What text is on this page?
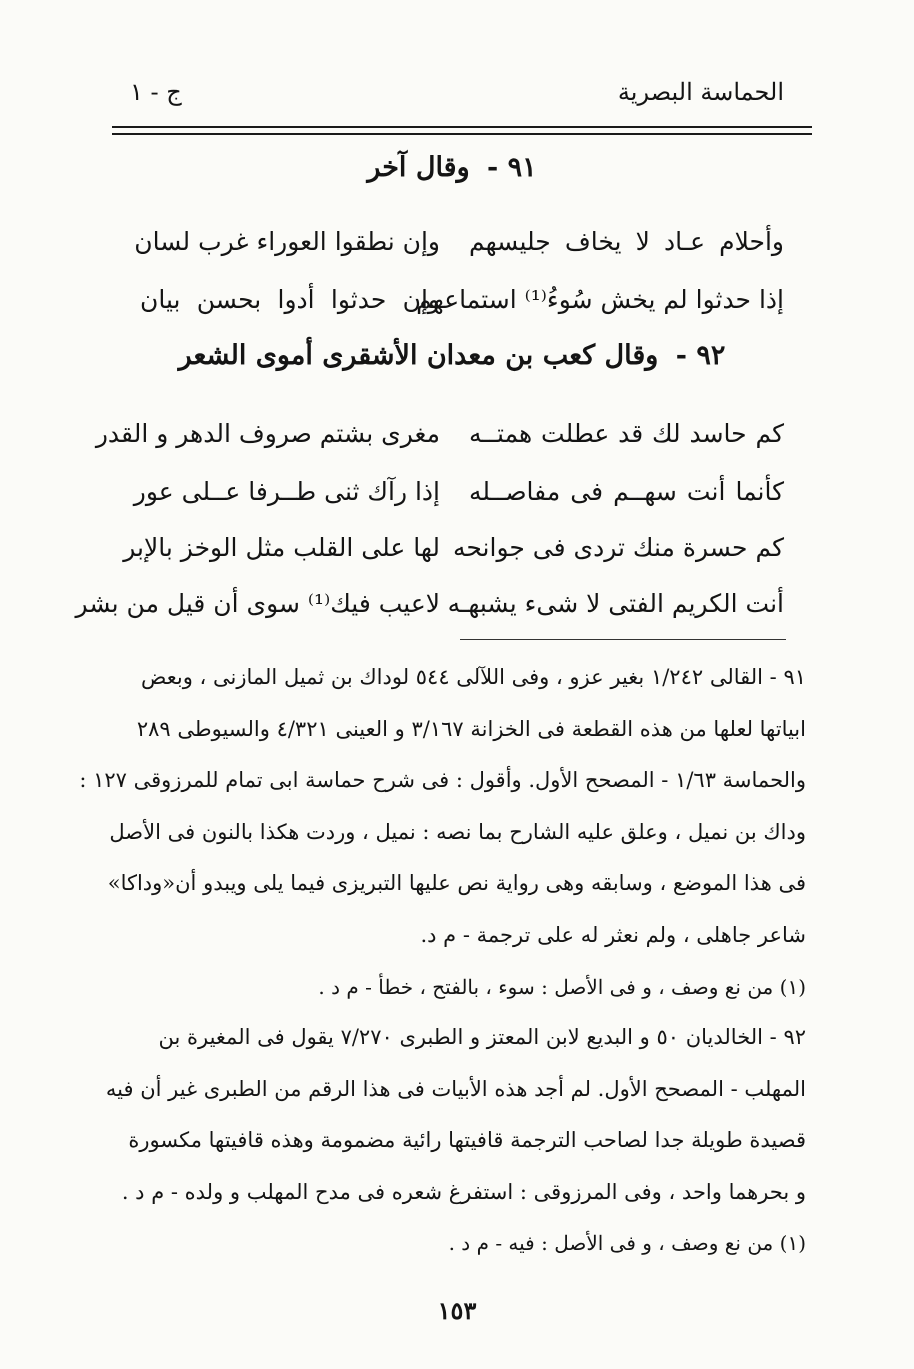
الحماسة البصرية
ج - ١
٩١ - وقال آخر
وأحلام عـاد لا يخاف جليسهم
وإن نطقوا العوراء غرب لسان
إذا حدثوا لم يخش سُوءُ⁽¹⁾ استماعهم
وإن حدثوا أدوا بحسن بيان
٩٢ - وقال كعب بن معدان الأشقرى أموى الشعر
كم حاسد لك قد عطلت همتــه
مغرى بشتم صروف الدهر و القدر
كأنما أنت سهــم فى مفاصــله
إذا رآك ثنى طــرفا عــلى عور
كم حسرة منك تردى فى جوانحه
لها على القلب مثل الوخز بالإبر
أنت الكريم الفتى لا شىء يشبهـه
لاعيب فيك⁽¹⁾ سوى أن قيل من بشر
٩١ - القالى ١/٢٤٢ بغير عزو ، وفى اللآلى ٥٤٤ لوداك بن ثميل المازنى ، وبعض
ابياتها لعلها من هذه القطعة فى الخزانة ٣/١٦٧ و العينى ٤/٣٢١ والسيوطى ٢٨٩
والحماسة ١/٦٣ - المصحح الأول. وأقول : فى شرح حماسة ابى تمام للمرزوقى ١٢٧ :
وداك بن نميل ، وعلق عليه الشارح بما نصه : نميل ، وردت هكذا بالنون فى الأصل
فى هذا الموضع ، وسابقه وهى رواية نص عليها التبريزى فيما يلى ويبدو أن«وداكا»
شاعر جاهلى ، ولم نعثر له على ترجمة - م د.
(١) من نع وصف ، و فى الأصل : سوء ، بالفتح ، خطأ - م د .
٩٢ - الخالديان ٥٠ و البديع لابن المعتز و الطبرى ٧/٢٧٠ يقول فى المغيرة بن
المهلب - المصحح الأول. لم أجد هذه الأبيات فى هذا الرقم من الطبرى غير أن فيه
قصيدة طويلة جدا لصاحب الترجمة قافيتها رائية مضمومة وهذه قافيتها مكسورة
و بحرهما واحد ، وفى المرزوقى : استفرغ شعره فى مدح المهلب و ولده - م د .
(١) من نع وصف ، و فى الأصل : فيه - م د .
١٥٣
